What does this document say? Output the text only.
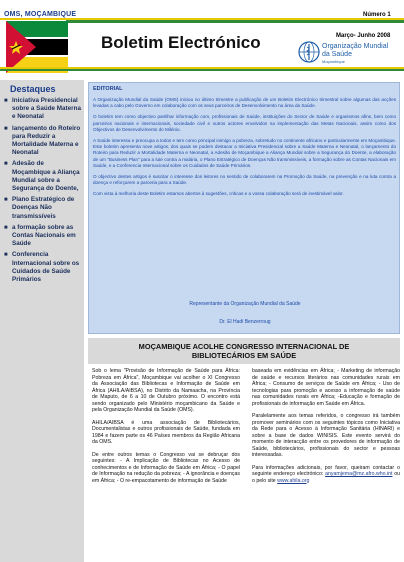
OMS, MOÇAMBIQUE	Número 1
Boletim Electrónico	Março- Junho 2008
Organização Mundial
da Saúde
Moçambique
Destaques
■ Iniciativa Presidencial sobre a Saúde Materna e Neonatal
■ lançamento do Roteiro para Reduzir a Mortalidade Materna e Neonatal
■ Adesão de Moçambique a Aliança Mundial sobre a Segurança do Doente,
■ Plano Estratégico de Doenças Não transmissíveis
■ a formação sobre as Contas Nacionais em Saúde
■ Conferencia Internacional sobre os Cuidados de Saúde Primários
EDITORIAL

A Organização Mundial da Saúde (OMS) iniciou no último trimestre a publicação de um Boletim Electrónico trimestral sobre algumas das acções levadas a cabo pelo Governo em colaboração com os seus parceiros de Desenvolvimento na área da Saúde.

O boletim tem como objectivo partilhar informação com, profissionais de Saúde, instituições do Sector de Saúde e organismos afins, bem como parceiros nacionais e internacionais, sociedade civil e outros actores envolvidos na implementação das Metas Nacionais, assim como dos Objectivos de Desenvolvimento do Milénio.

A Saúde interessa e preocupa a todos e tem como principal inimigo a pobreza, sobretudo no continente africano e particularmente em Moçambique. Este boletim apresenta nove artigos, dos quais se podem destacar a Iniciativa Presidencial sobre a Saúde Materna e Neonatal, o lançamento do Roteiro para Reduzir a Mortalidade Materna e Neonatal, a Adesão de Moçambique a Aliança Mundial sobre a Segurança do Doente, a elaboração de um "Business Plan" para a lute contra a malária, o Plano Estratégico de Doenças Não transmissíveis, a formação sobre as Contas Nacionais em Saúde, e a Conferencia Internacional sobre os Cuidados de Saúde Primários.

O objectivo destes artigos é suscitar o interesse dos leitores no sentido de colaborarem na Promoção da Saúde, na prevenção e na luta contra a doença e reforçarem a parceria para a Saúde.

Com vista à melhoria deste Boletim estamos abertos à sugestões, criticas e a vossa colaboração será de inestimável valor.

Representante da Organização Mundial da Saúde
Dr. El Hadi Benzerroug
MOÇAMBIQUE ACOLHE CONGRESSO INTERNACIONAL DE
BIBLIOTECÁRIOS EM SAÚDE

Sob o lema "Provisão de Informação de Saúde para África: Pobreza em África", Moçambique vai acolher o XI Congresso da Associação das Bibliotecas e Informação de Saúde em África (AHILA/AIBSA), no Distrito da Namaacha, na Província de Maputo, de 6 a 10 de Outubro próximo. O encontro está sendo organizado pelo Ministério moçambicano da Saúde e pela Organização Mundial da Saúde (OMS).

AHILA/AIBSA é uma associação de Bibliotecários, Documentalistas e outros profissionais de Saúde, fundada em 1984 e fazem parte os 46 Países membros da Região Africana da OMS.

De entre outros temas o Congresso vai se debruçar dos seguintes: - A Implicação de Bibliotecas no Acesso de conhecimentos e de Informação de Saúde em África; - O papel de Informação na redução da pobreza; - A ignorância e doenças em África; - O re-empacotamento de informação de Saúde

baseada em evidências em África; - Marketing de informação de saúde e recursos literários nas comunidades rurais em África; - Consumo de serviços de Saúde em África; - Uso de tecnologias para promoção e acesso a informação de saúde nas comunidades rurais em África; -Educação e formação de profissionais de informação em Saúde em África.

Paralelamente aos temas referidos, o congresso irá também promover seminários com os seguintes tópicos como Iniciativa da Rede para o Acesso à Informação Sanitária (HINARI) e sobre a base de dados WINISIS. Este evento servirá do momento de interacção entre os provedores de informação de Saúde, bibliotecários, profissionais do sector e pessoas interessadas.

Para informações adicionais, por favor, queiram contactar o seguinte endereço electrónico: anyamjema@mz.afro.who.int ou o pelo site www.ahila.org
